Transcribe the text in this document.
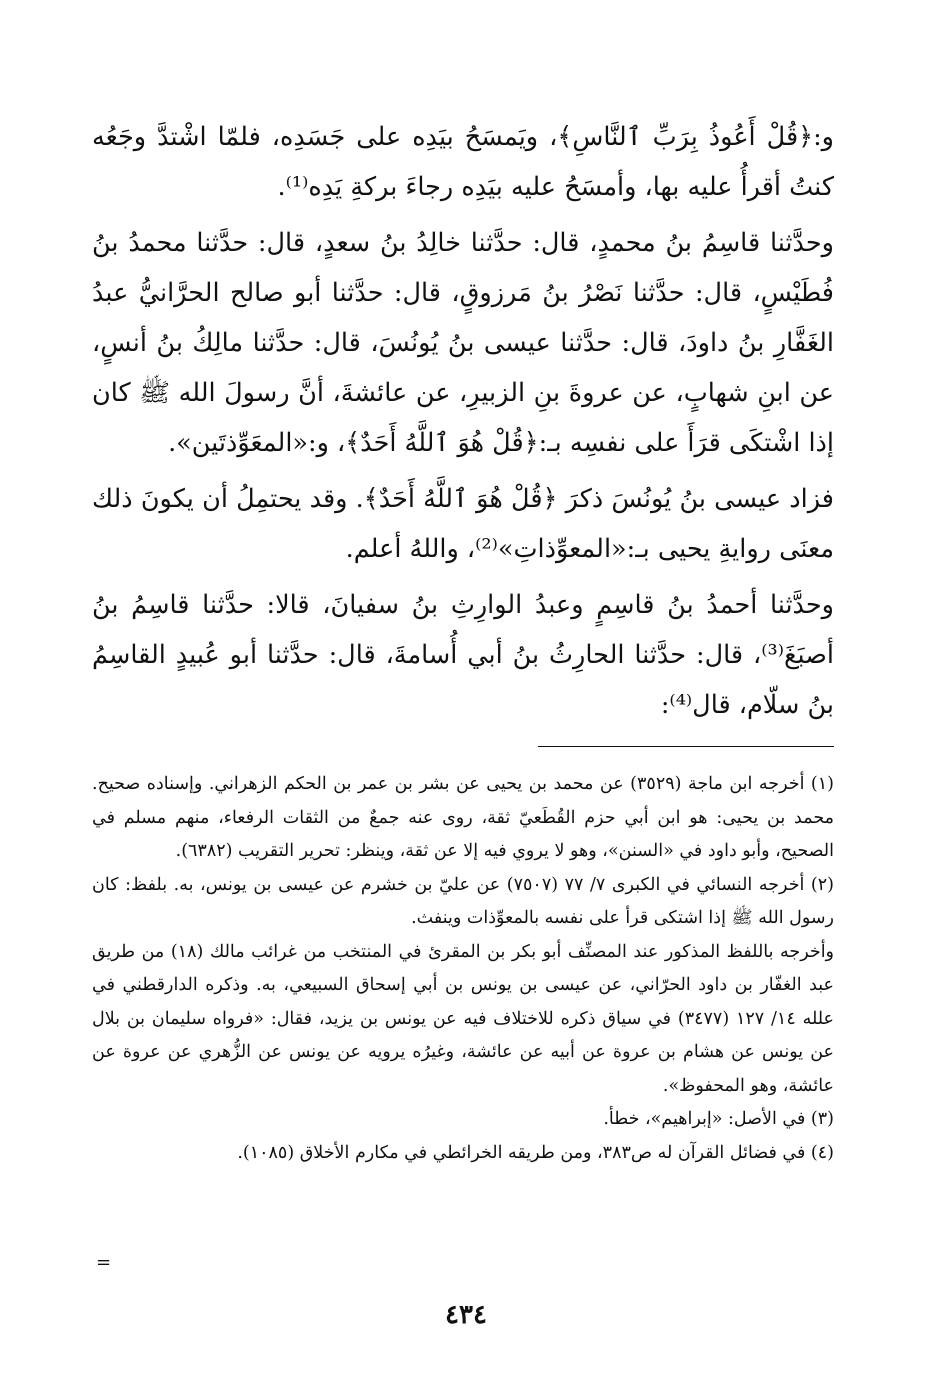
و:﴿قُلْ أَعُوذُ بِرَبِّ ٱلنَّاسِ﴾، ويَمسَحُ بيَدِه على جَسَدِه، فلمّا اشْتدَّ وجَعُه كنتُ أقرأُ عليه بها، وأمسَحُ عليه بيَدِه رجاءَ بركةِ يَدِه⁽¹⁾.

وحدَّثنا قاسِمُ بنُ محمدٍ، قال: حدَّثنا خالِدُ بنُ سعدٍ، قال: حدَّثنا محمدُ بنُ فُطَيْسٍ، قال: حدَّثنا نَصْرُ بنُ مَرزوقٍ، قال: حدَّثنا أبو صالح الحرَّانيُّ عبدُ الغَفَّارِ بنُ داودَ، قال: حدَّثنا عيسى بنُ يُونُسَ، قال: حدَّثنا مالِكُ بنُ أنسٍ، عن ابنِ شهابٍ، عن عروةَ بنِ الزبيرِ، عن عائشةَ، أنَّ رسولَ الله ﷺ كان إذا اشْتكَى قرَأَ على نفسِه بـ:﴿قُلْ هُوَ ٱللَّهُ أَحَدٌ﴾، و:«المعَوِّذتَين».

فزاد عيسى بنُ يُونُسَ ذكرَ ﴿قُلْ هُوَ ٱللَّهُ أَحَدٌ﴾. وقد يحتمِلُ أن يكونَ ذلك معنَى روايةِ يحيى بـ:«المعوِّذاتِ»⁽²⁾، واللهُ أعلم.

وحدَّثنا أحمدُ بنُ قاسِمٍ وعبدُ الوارِثِ بنُ سفيانَ، قالا: حدَّثنا قاسِمُ بنُ أصبَغَ⁽³⁾، قال: حدَّثنا الحارِثُ بنُ أبي أُسامةَ، قال: حدَّثنا أبو عُبيدٍ القاسِمُ بنُ سلّام، قال⁽⁴⁾:

(١) أخرجه ابن ماجة (٣٥٢٩) عن محمد بن يحيى عن بشر بن عمر بن الحكم الزهراني. وإسناده صحيح. محمد بن يحيى: هو ابن أبي حزم القُطَعيّ ثقة، روى عنه جمعٌ من الثقات الرفعاء، منهم مسلم في الصحيح، وأبو داود في «السنن»، وهو لا يروي فيه إلا عن ثقة، وينظر: تحرير التقريب (٦٣٨٢).

(٢) أخرجه النسائي في الكبرى ٧/ ٧٧ (٧٥٠٧) عن عليّ بن خشرم عن عيسى بن يونس، به. بلفظ: كان رسول الله ﷺ إذا اشتكى قرأ على نفسه بالمعوِّذات وينفث.

وأخرجه باللفظ المذكور عند المصنِّف أبو بكر بن المقرئ في المنتخب من غرائب مالك (١٨) من طريق عبد الغفّار بن داود الحرّاني، عن عيسى بن يونس بن أبي إسحاق السبيعي، به. وذكره الدارقطني في علله ١٤/ ١٢٧ (٣٤٧٧) في سياق ذكره للاختلاف فيه عن يونس بن يزيد، فقال: «فرواه سليمان بن بلال عن يونس عن هشام بن عروة عن أبيه عن عائشة، وغيرُه يرويه عن يونس عن الزُّهري عن عروة عن عائشة، وهو المحفوظ».

(٣) في الأصل: «إبراهيم»، خطأ.

(٤) في فضائل القرآن له ص٣٨٣، ومن طريقه الخرائطي في مكارم الأخلاق (١٠٨٥).

=
٤٣٤
